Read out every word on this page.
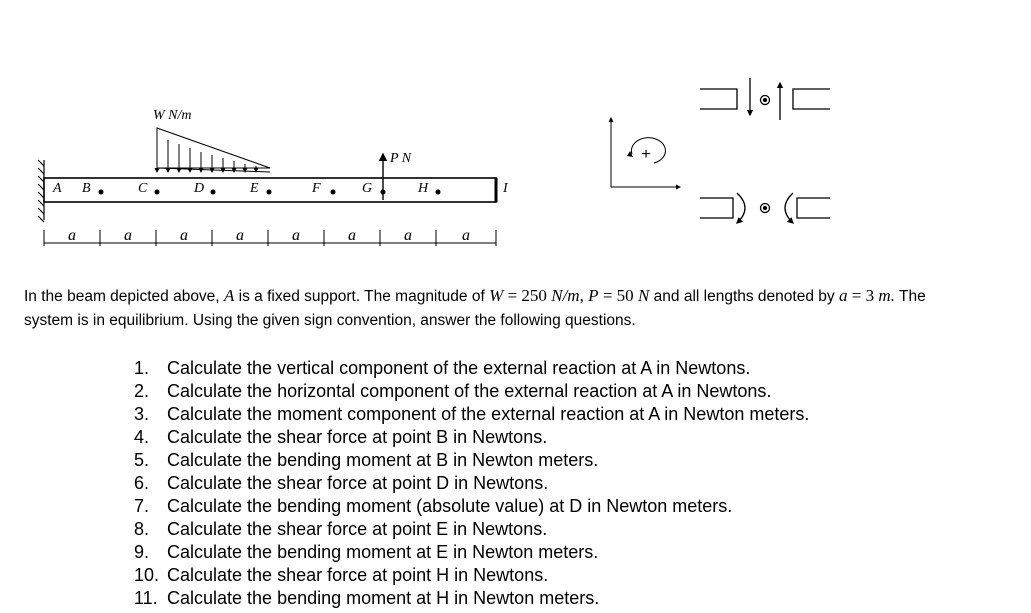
W N/m
P N
A B	C	D	E	F	G	H	I
a	a	a	a	a	a	a	a
+
In the beam depicted above, A is a fixed support. The magnitude of W = 250 N/m, P = 50 N and all lengths denoted by a = 3 m. The
system is in equilibrium. Using the given sign convention, answer the following questions.
1. Calculate the vertical component of the external reaction at A in Newtons.
2. Calculate the horizontal component of the external reaction at A in Newtons.
3. Calculate the moment component of the external reaction at A in Newton meters.
4. Calculate the shear force at point B in Newtons.
5. Calculate the bending moment at B in Newton meters.
6. Calculate the shear force at point D in Newtons.
7. Calculate the bending moment (absolute value) at D in Newton meters.
8. Calculate the shear force at point E in Newtons.
9. Calculate the bending moment at E in Newton meters.
10. Calculate the shear force at point H in Newtons.
11. Calculate the bending moment at H in Newton meters.
